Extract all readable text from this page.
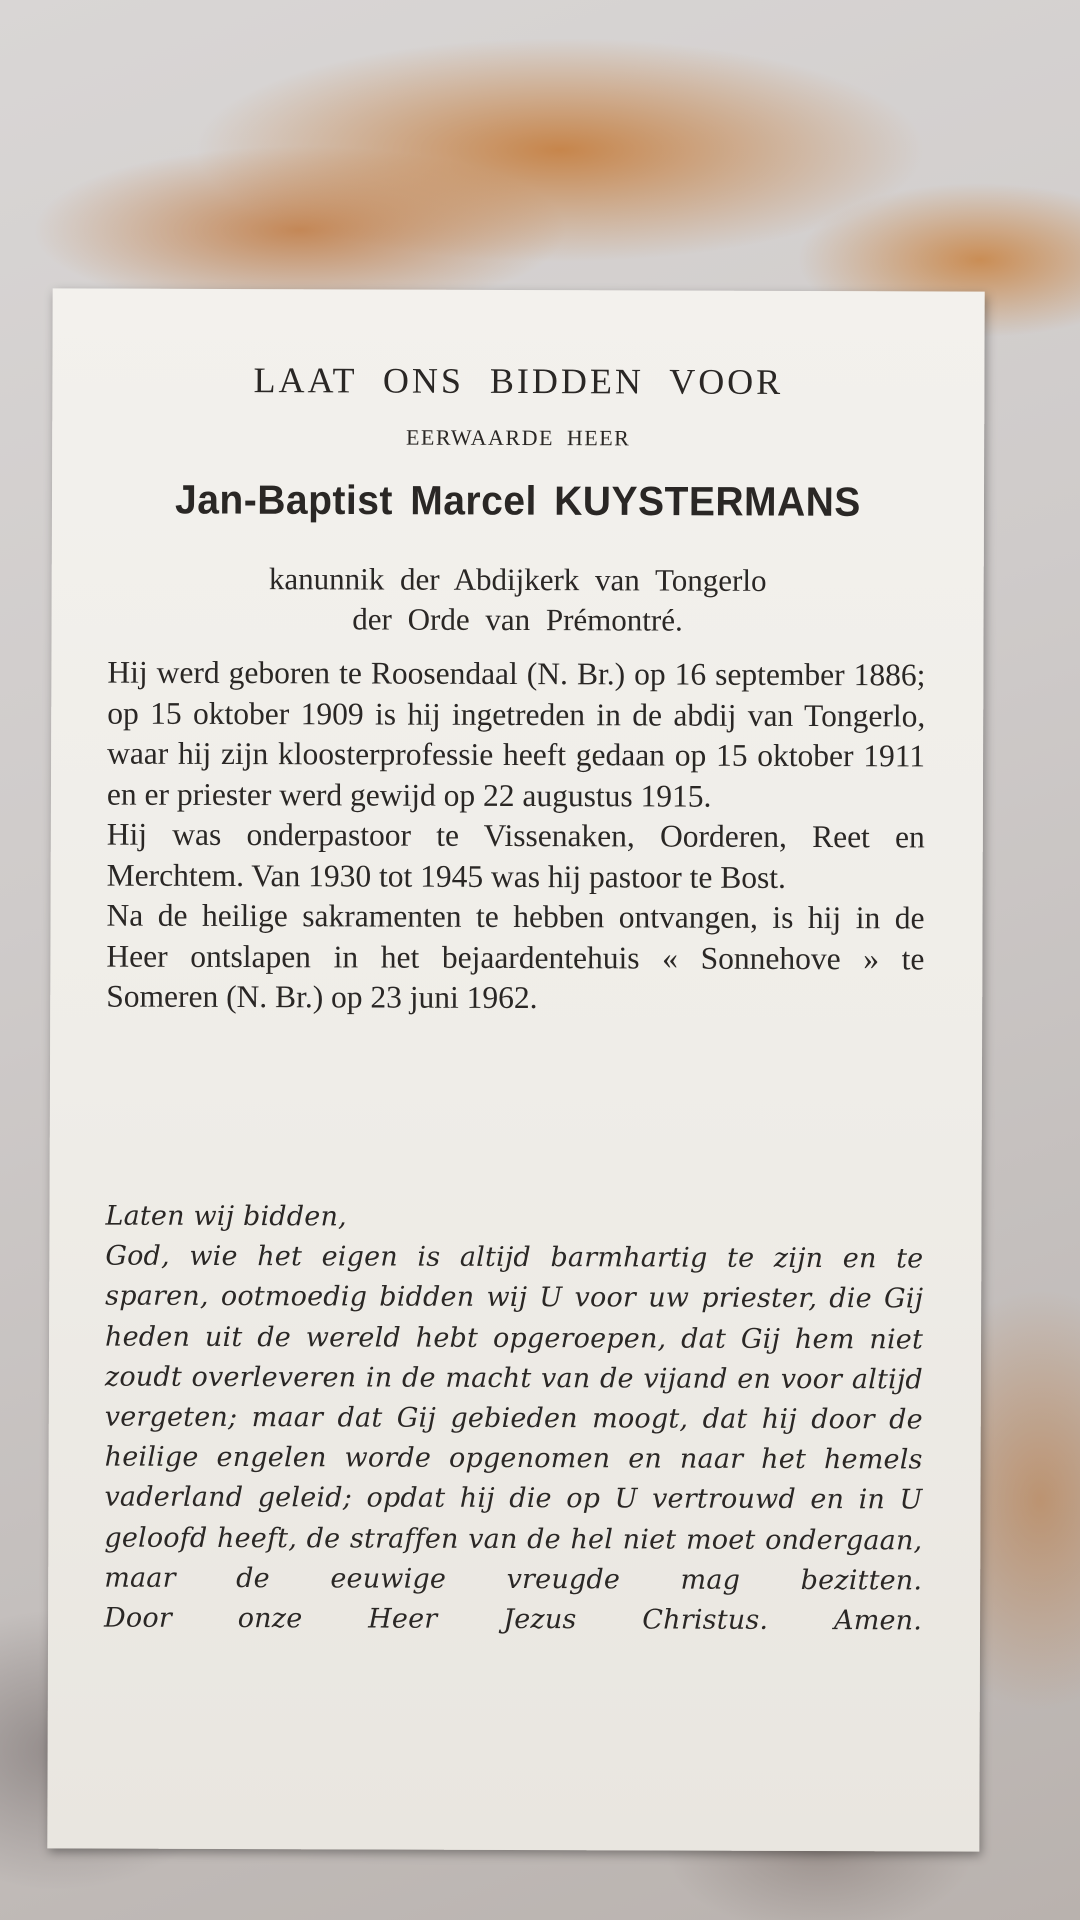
LAAT ONS BIDDEN VOOR
EERWAARDE HEER
Jan-Baptist Marcel KUYSTERMANS
kanunnik der Abdijkerk van Tongerlo
der Orde van Prémontré.

Hij werd geboren te Roosendaal (N. Br.) op 16 september 1886; op 15 oktober 1909 is hij ingetreden in de abdij van Tongerlo, waar hij zijn kloosterprofessie heeft gedaan op 15 oktober 1911 en er priester werd gewijd op 22 augustus 1915.

Hij was onderpastoor te Vissenaken, Oorderen, Reet en Merchtem. Van 1930 tot 1945 was hij pastoor te Bost.

Na de heilige sakramenten te hebben ontvangen, is hij in de Heer ontslapen in het bejaardentehuis « Sonnehove » te Someren (N. Br.) op 23 juni 1962.

Laten wij bidden,

God, wie het eigen is altijd barmhartig te zijn en te sparen, ootmoedig bidden wij U voor uw priester, die Gij heden uit de wereld hebt opgeroepen, dat Gij hem niet zoudt overleveren in de macht van de vijand en voor altijd vergeten; maar dat Gij gebieden moogt, dat hij door de heilige engelen worde opgenomen en naar het hemels vaderland geleid; opdat hij die op U vertrouwd en in U geloofd heeft, de straffen van de hel niet moet ondergaan, maar de eeuwige vreugde mag bezitten.

Door onze Heer Jezus Christus. Amen.
